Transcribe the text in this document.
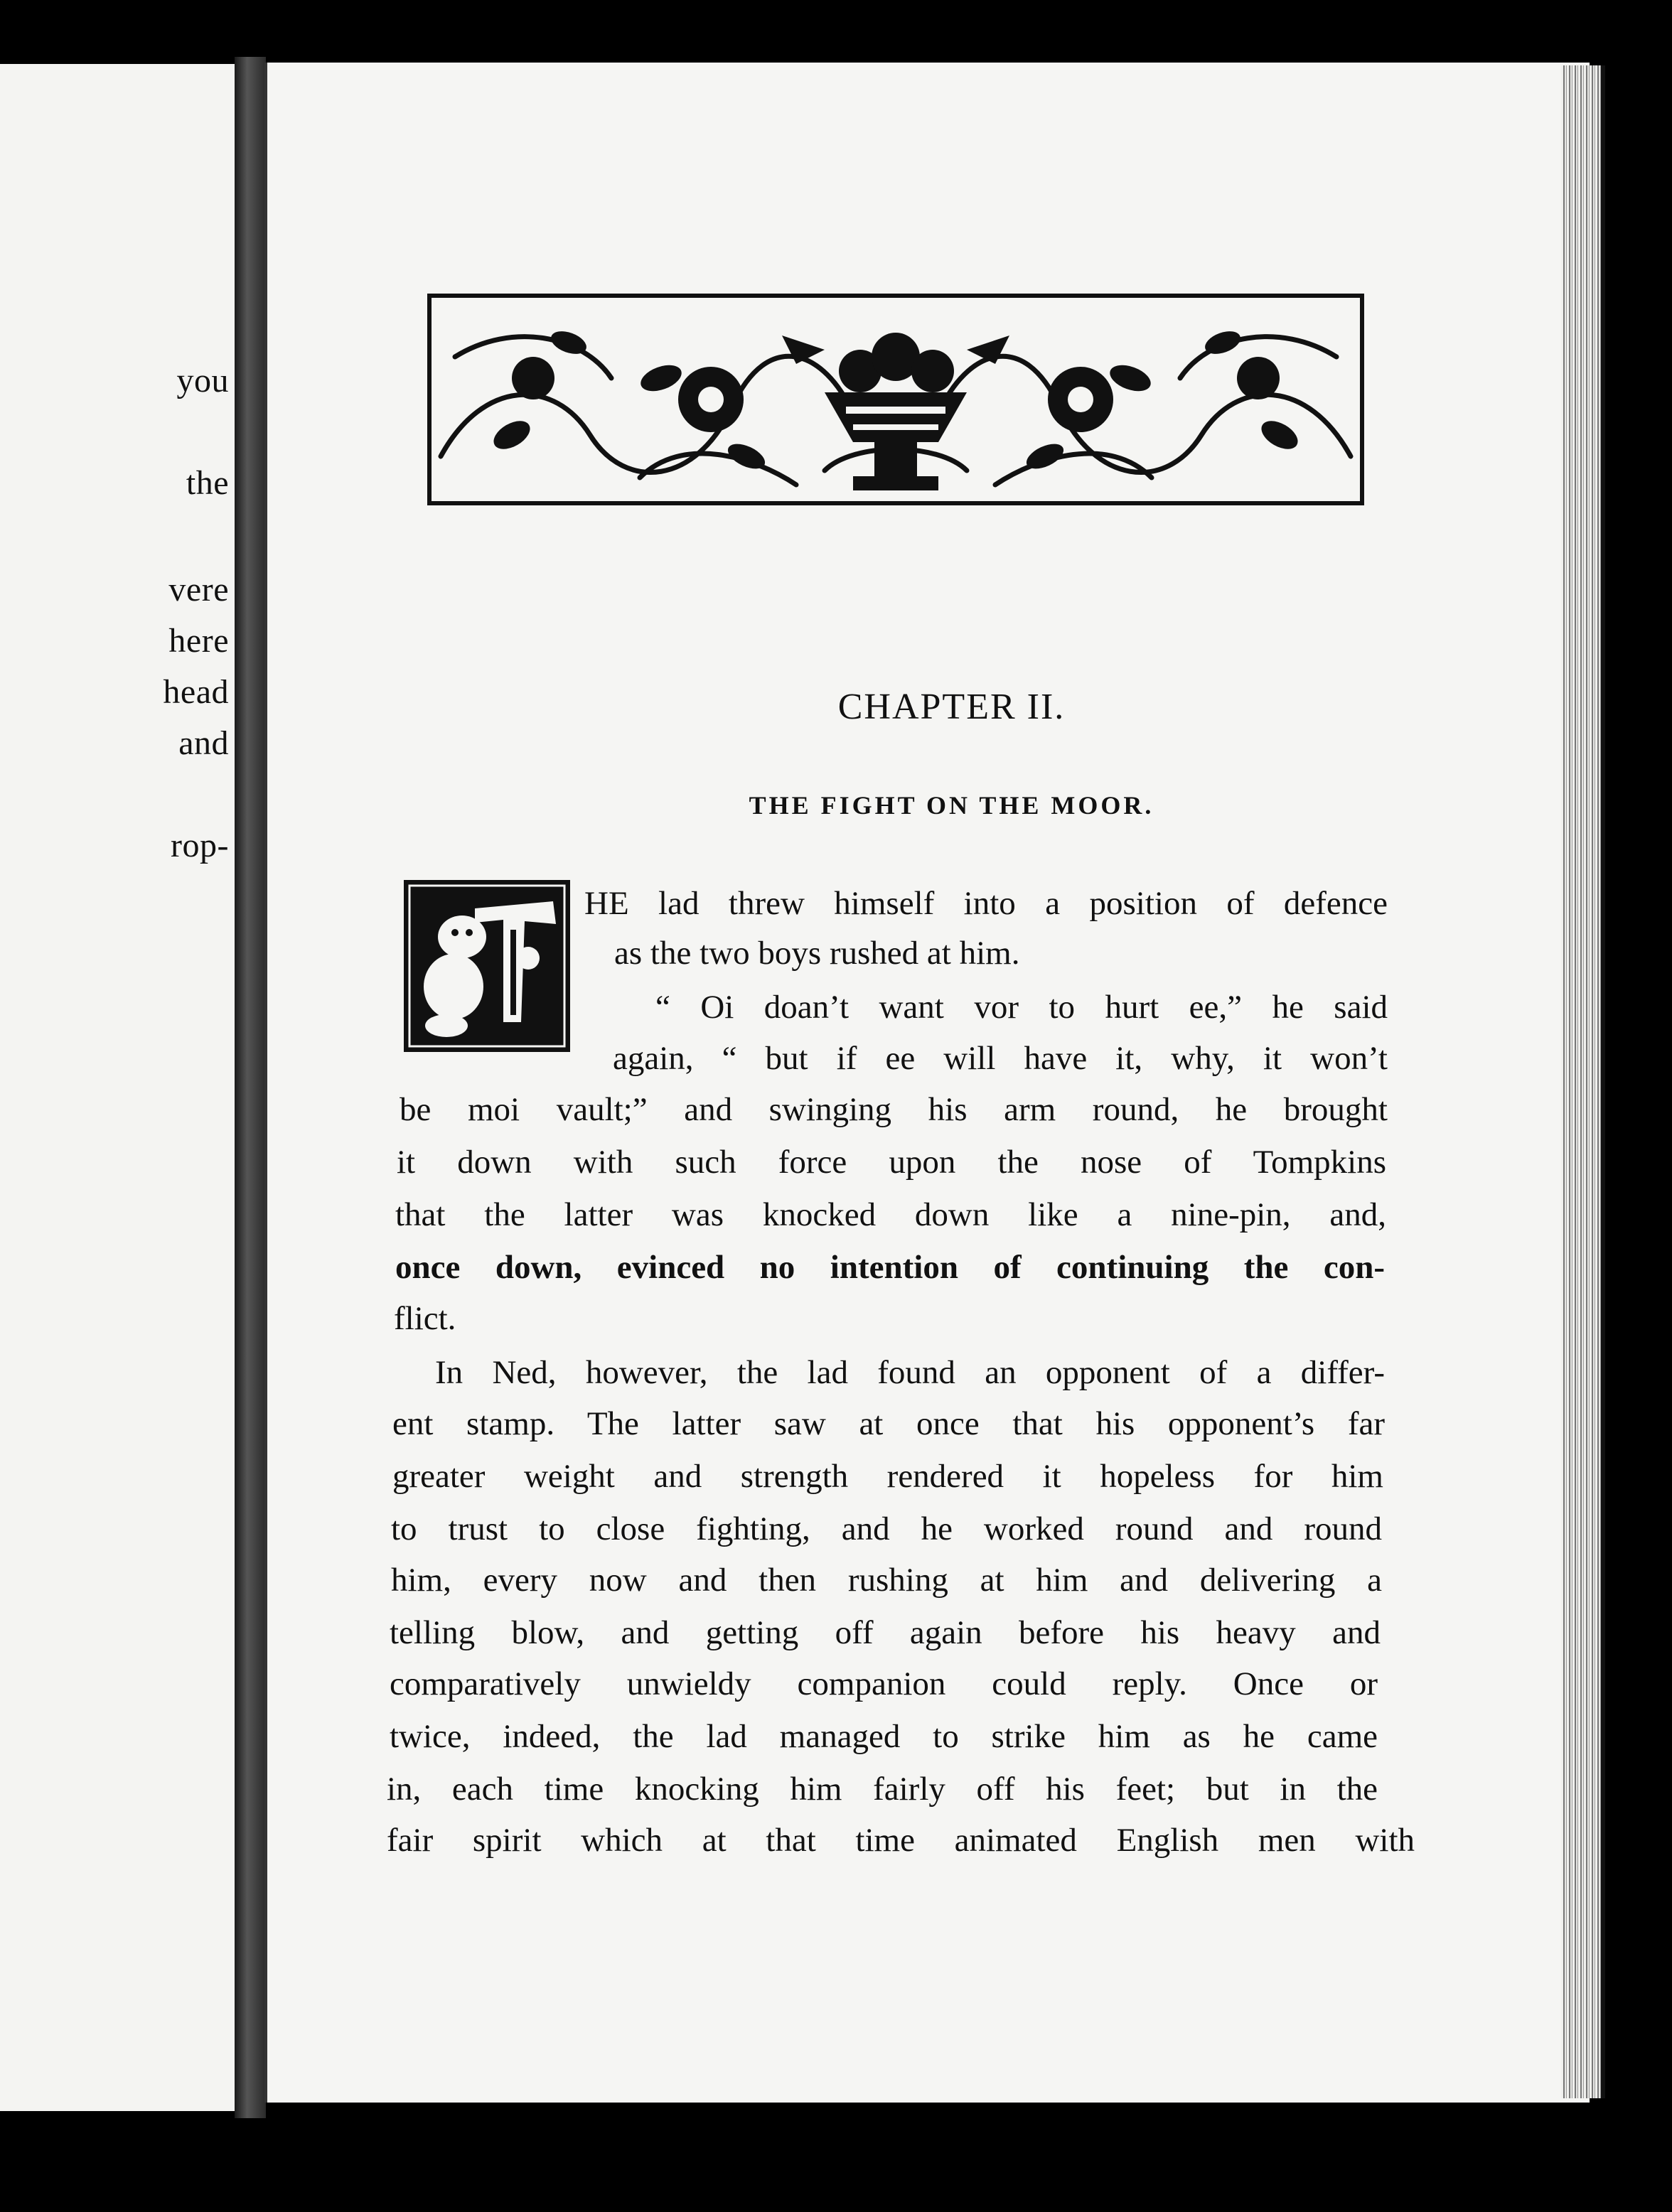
you
the
vere
here
head
and
rop-
CHAPTER II.
THE FIGHT ON THE MOOR.
HE lad threw himself into a position of defence
as the two boys rushed at him.
“ Oi doan’t want vor to hurt ee,” he said
again, “ but if ee will have it, why, it won’t
be moi vault;” and swinging his arm round, he brought
it down with such force upon the nose of Tompkins
that the latter was knocked down like a nine-pin, and,
once down, evinced no intention of continuing the con-
flict.
In Ned, however, the lad found an opponent of a differ-
ent stamp. The latter saw at once that his opponent’s far
greater weight and strength rendered it hopeless for him
to trust to close fighting, and he worked round and round
him, every now and then rushing at him and delivering a
telling blow, and getting off again before his heavy and
comparatively unwieldy companion could reply. Once or
twice, indeed, the lad managed to strike him as he came
in, each time knocking him fairly off his feet; but in the
fair spirit which at that time animated English men with
